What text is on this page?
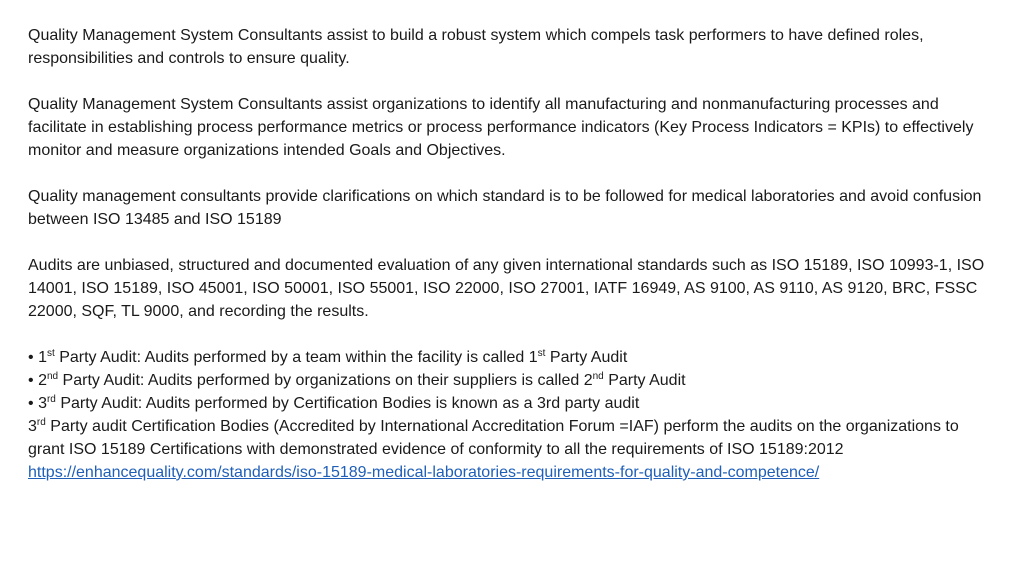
Quality Management System Consultants assist to build a robust system which compels task performers to have defined roles, responsibilities and controls to ensure quality.

Quality Management System Consultants assist organizations to identify all manufacturing and nonmanufacturing processes and facilitate in establishing process performance metrics or process performance indicators (Key Process Indicators = KPIs) to effectively monitor and measure organizations intended Goals and Objectives.

Quality management consultants provide clarifications on which standard is to be followed for medical laboratories and avoid confusion between ISO 13485 and ISO 15189

Audits are unbiased, structured and documented evaluation of any given international standards such as ISO 15189, ISO 10993-1, ISO 14001, ISO 15189, ISO 45001, ISO 50001, ISO 55001, ISO 22000, ISO 27001, IATF 16949, AS 9100, AS 9110, AS 9120, BRC, FSSC 22000, SQF, TL 9000, and recording the results.

• 1st Party Audit: Audits performed by a team within the facility is called 1st Party Audit

• 2nd Party Audit: Audits performed by organizations on their suppliers is called 2nd Party Audit

• 3rd Party Audit: Audits performed by Certification Bodies is known as a 3rd party audit

3rd Party audit Certification Bodies (Accredited by International Accreditation Forum =IAF) perform the audits on the organizations to grant ISO 15189 Certifications with demonstrated evidence of conformity to all the requirements of ISO 15189:2012 https://enhancequality.com/standards/iso-15189-medical-laboratories-requirements-for-quality-and-competence/
